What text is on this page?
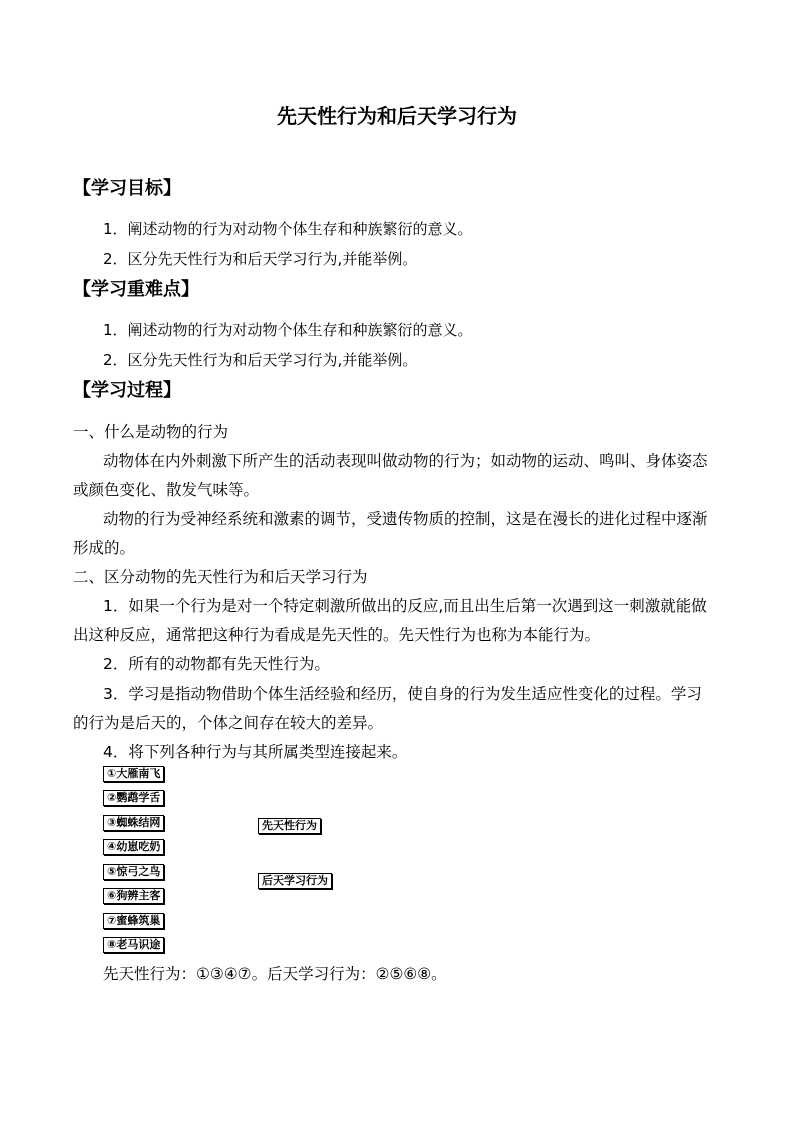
先天性行为和后天学习行为
【学习目标】
1．阐述动物的行为对动物个体生存和种族繁衍的意义。
2．区分先天性行为和后天学习行为,并能举例。
【学习重难点】
1．阐述动物的行为对动物个体生存和种族繁衍的意义。
2．区分先天性行为和后天学习行为,并能举例。
【学习过程】
一、什么是动物的行为
动物体在内外刺激下所产生的活动表现叫做动物的行为；如动物的运动、鸣叫、身体姿态
或颜色变化、散发气味等。
动物的行为受神经系统和激素的调节，受遗传物质的控制，这是在漫长的进化过程中逐渐
形成的。
二、区分动物的先天性行为和后天学习行为
1．如果一个行为是对一个特定刺激所做出的反应,而且出生后第一次遇到这一刺激就能做
出这种反应，通常把这种行为看成是先天性的。先天性行为也称为本能行为。
2．所有的动物都有先天性行为。
3．学习是指动物借助个体生活经验和经历，使自身的行为发生适应性变化的过程。学习
的行为是后天的，个体之间存在较大的差异。
4．将下列各种行为与其所属类型连接起来。
①大雁南飞
②鹦鹉学舌
③蜘蛛结网
④幼崽吃奶
⑤惊弓之鸟
⑥狗辨主客
⑦蜜蜂筑巢
⑧老马识途
先天性行为
后天学习行为
先天性行为：①③④⑦。后天学习行为：②⑤⑥⑧。
